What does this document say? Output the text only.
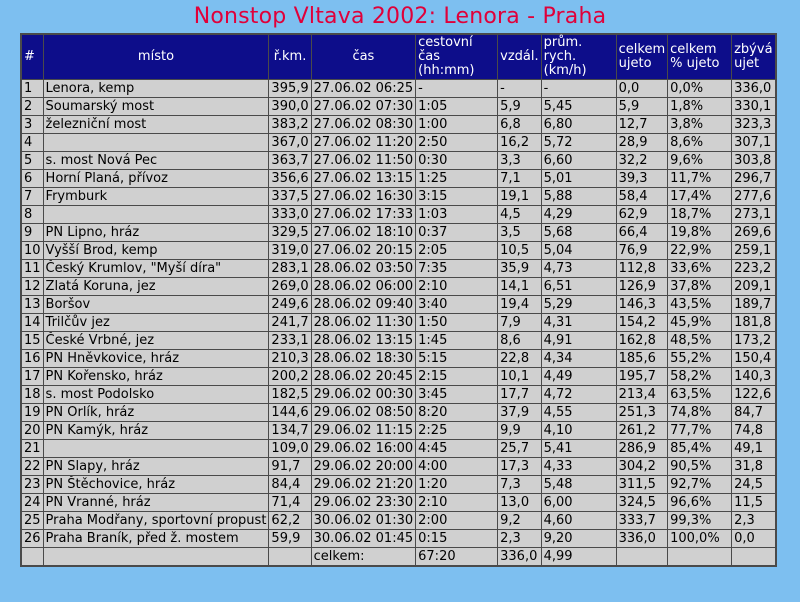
Nonstop Vltava 2002: Lenora - Praha
#	místo	ř.km.	čas	cestovní čas (hh:mm)	vzdál.	prům. rych. (km/h)	celkem ujeto	celkem % ujeto	zbývá ujet
1	Lenora, kemp	395,9	27.06.02 06:25	-	-	-	0,0	0,0%	336,0
2	Soumarský most	390,0	27.06.02 07:30	1:05	5,9	5,45	5,9	1,8%	330,1
3	železniční most	383,2	27.06.02 08:30	1:00	6,8	6,80	12,7	3,8%	323,3
4		367,0	27.06.02 11:20	2:50	16,2	5,72	28,9	8,6%	307,1
5	s. most Nová Pec	363,7	27.06.02 11:50	0:30	3,3	6,60	32,2	9,6%	303,8
6	Horní Planá, přívoz	356,6	27.06.02 13:15	1:25	7,1	5,01	39,3	11,7%	296,7
7	Frymburk	337,5	27.06.02 16:30	3:15	19,1	5,88	58,4	17,4%	277,6
8		333,0	27.06.02 17:33	1:03	4,5	4,29	62,9	18,7%	273,1
9	PN Lipno, hráz	329,5	27.06.02 18:10	0:37	3,5	5,68	66,4	19,8%	269,6
10	Vyšší Brod, kemp	319,0	27.06.02 20:15	2:05	10,5	5,04	76,9	22,9%	259,1
11	Český Krumlov, "Myší díra"	283,1	28.06.02 03:50	7:35	35,9	4,73	112,8	33,6%	223,2
12	Zlatá Koruna, jez	269,0	28.06.02 06:00	2:10	14,1	6,51	126,9	37,8%	209,1
13	Boršov	249,6	28.06.02 09:40	3:40	19,4	5,29	146,3	43,5%	189,7
14	Trilčův jez	241,7	28.06.02 11:30	1:50	7,9	4,31	154,2	45,9%	181,8
15	České Vrbné, jez	233,1	28.06.02 13:15	1:45	8,6	4,91	162,8	48,5%	173,2
16	PN Hněvkovice, hráz	210,3	28.06.02 18:30	5:15	22,8	4,34	185,6	55,2%	150,4
17	PN Kořensko, hráz	200,2	28.06.02 20:45	2:15	10,1	4,49	195,7	58,2%	140,3
18	s. most Podolsko	182,5	29.06.02 00:30	3:45	17,7	4,72	213,4	63,5%	122,6
19	PN Orlík, hráz	144,6	29.06.02 08:50	8:20	37,9	4,55	251,3	74,8%	84,7
20	PN Kamýk, hráz	134,7	29.06.02 11:15	2:25	9,9	4,10	261,2	77,7%	74,8
21		109,0	29.06.02 16:00	4:45	25,7	5,41	286,9	85,4%	49,1
22	PN Slapy, hráz	91,7	29.06.02 20:00	4:00	17,3	4,33	304,2	90,5%	31,8
23	PN Štěchovice, hráz	84,4	29.06.02 21:20	1:20	7,3	5,48	311,5	92,7%	24,5
24	PN Vranné, hráz	71,4	29.06.02 23:30	2:10	13,0	6,00	324,5	96,6%	11,5
25	Praha Modřany, sportovní propust	62,2	30.06.02 01:30	2:00	9,2	4,60	333,7	99,3%	2,3
26	Praha Braník, před ž. mostem	59,9	30.06.02 01:45	0:15	2,3	9,20	336,0	100,0%	0,0
			celkem:	67:20	336,0	4,99			
